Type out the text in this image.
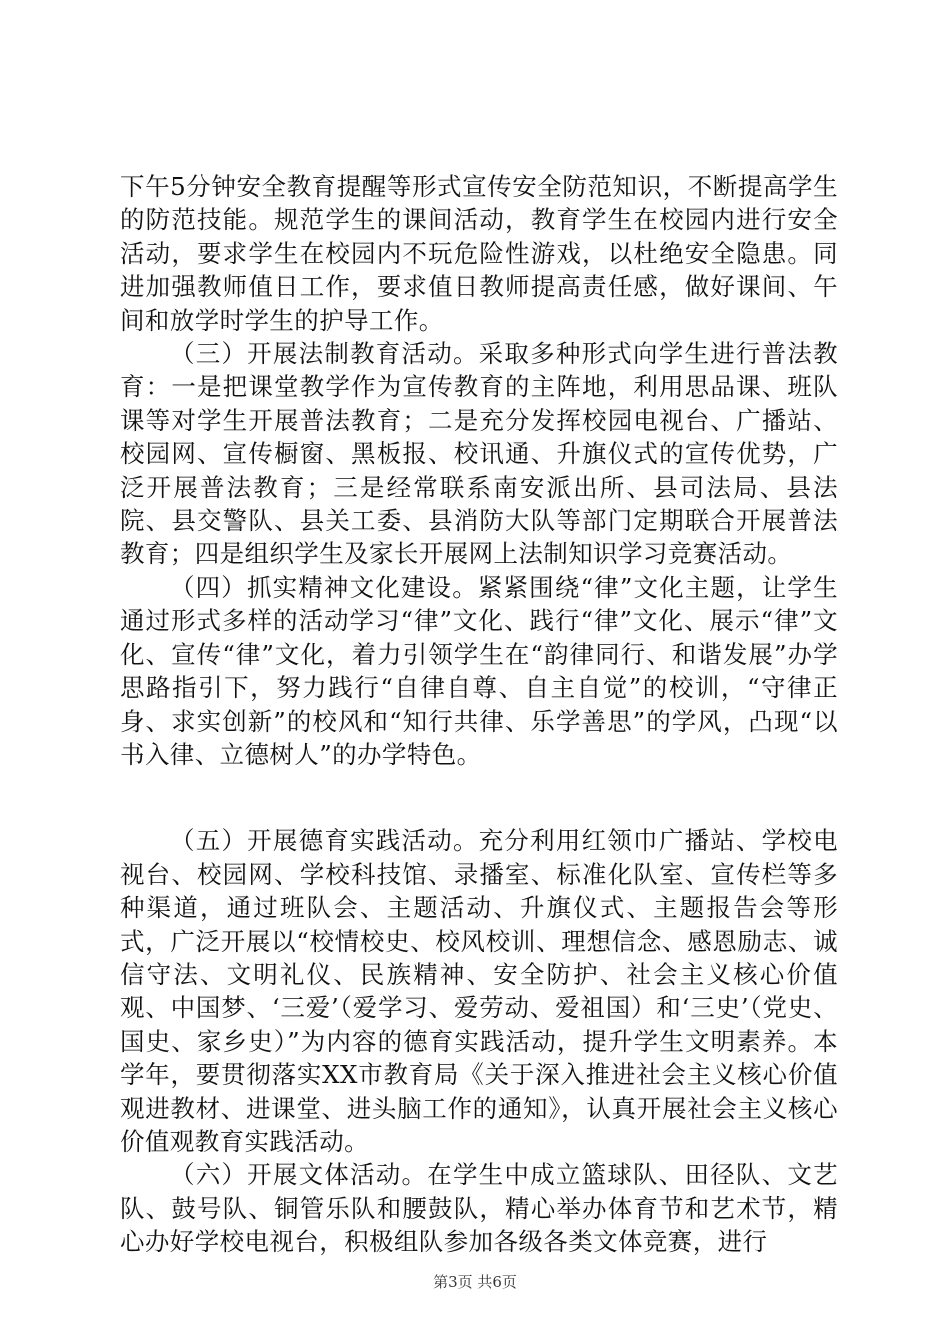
下午5分钟安全教育提醒等形式宣传安全防范知识，不断提高学生的防范技能。规范学生的课间活动，教育学生在校园内进行安全活动，要求学生在校园内不玩危险性游戏，以杜绝安全隐患。同进加强教师值日工作，要求值日教师提高责任感，做好课间、午间和放学时学生的护导工作。

（三）开展法制教育活动。采取多种形式向学生进行普法教育：一是把课堂教学作为宣传教育的主阵地，利用思品课、班队课等对学生开展普法教育；二是充分发挥校园电视台、广播站、校园网、宣传橱窗、黑板报、校讯通、升旗仪式的宣传优势，广泛开展普法教育；三是经常联系南安派出所、县司法局、县法院、县交警队、县关工委、县消防大队等部门定期联合开展普法教育；四是组织学生及家长开展网上法制知识学习竞赛活动。

（四）抓实精神文化建设。紧紧围绕“律”文化主题，让学生通过形式多样的活动学习“律”文化、践行“律”文化、展示“律”文化、宣传“律”文化，着力引领学生在“韵律同行、和谐发展”办学思路指引下，努力践行“自律自尊、自主自觉”的校训，“守律正身、求实创新”的校风和“知行共律、乐学善思”的学风，凸现“以书入律、立德树人”的办学特色。

（五）开展德育实践活动。充分利用红领巾广播站、学校电视台、校园网、学校科技馆、录播室、标准化队室、宣传栏等多种渠道，通过班队会、主题活动、升旗仪式、主题报告会等形式，广泛开展以“校情校史、校风校训、理想信念、感恩励志、诚信守法、文明礼仪、民族精神、安全防护、社会主义核心价值观、中国梦、‘三爱’（爱学习、爱劳动、爱祖国）和‘三史’（党史、国史、家乡史）”为内容的德育实践活动，提升学生文明素养。本学年，要贯彻落实XX市教育局《关于深入推进社会主义核心价值观进教材、进课堂、进头脑工作的通知》，认真开展社会主义核心价值观教育实践活动。

（六）开展文体活动。在学生中成立篮球队、田径队、文艺队、鼓号队、铜管乐队和腰鼓队，精心举办体育节和艺术节，精心办好学校电视台，积极组队参加各级各类文体竞赛，进行

第3页 共6页
